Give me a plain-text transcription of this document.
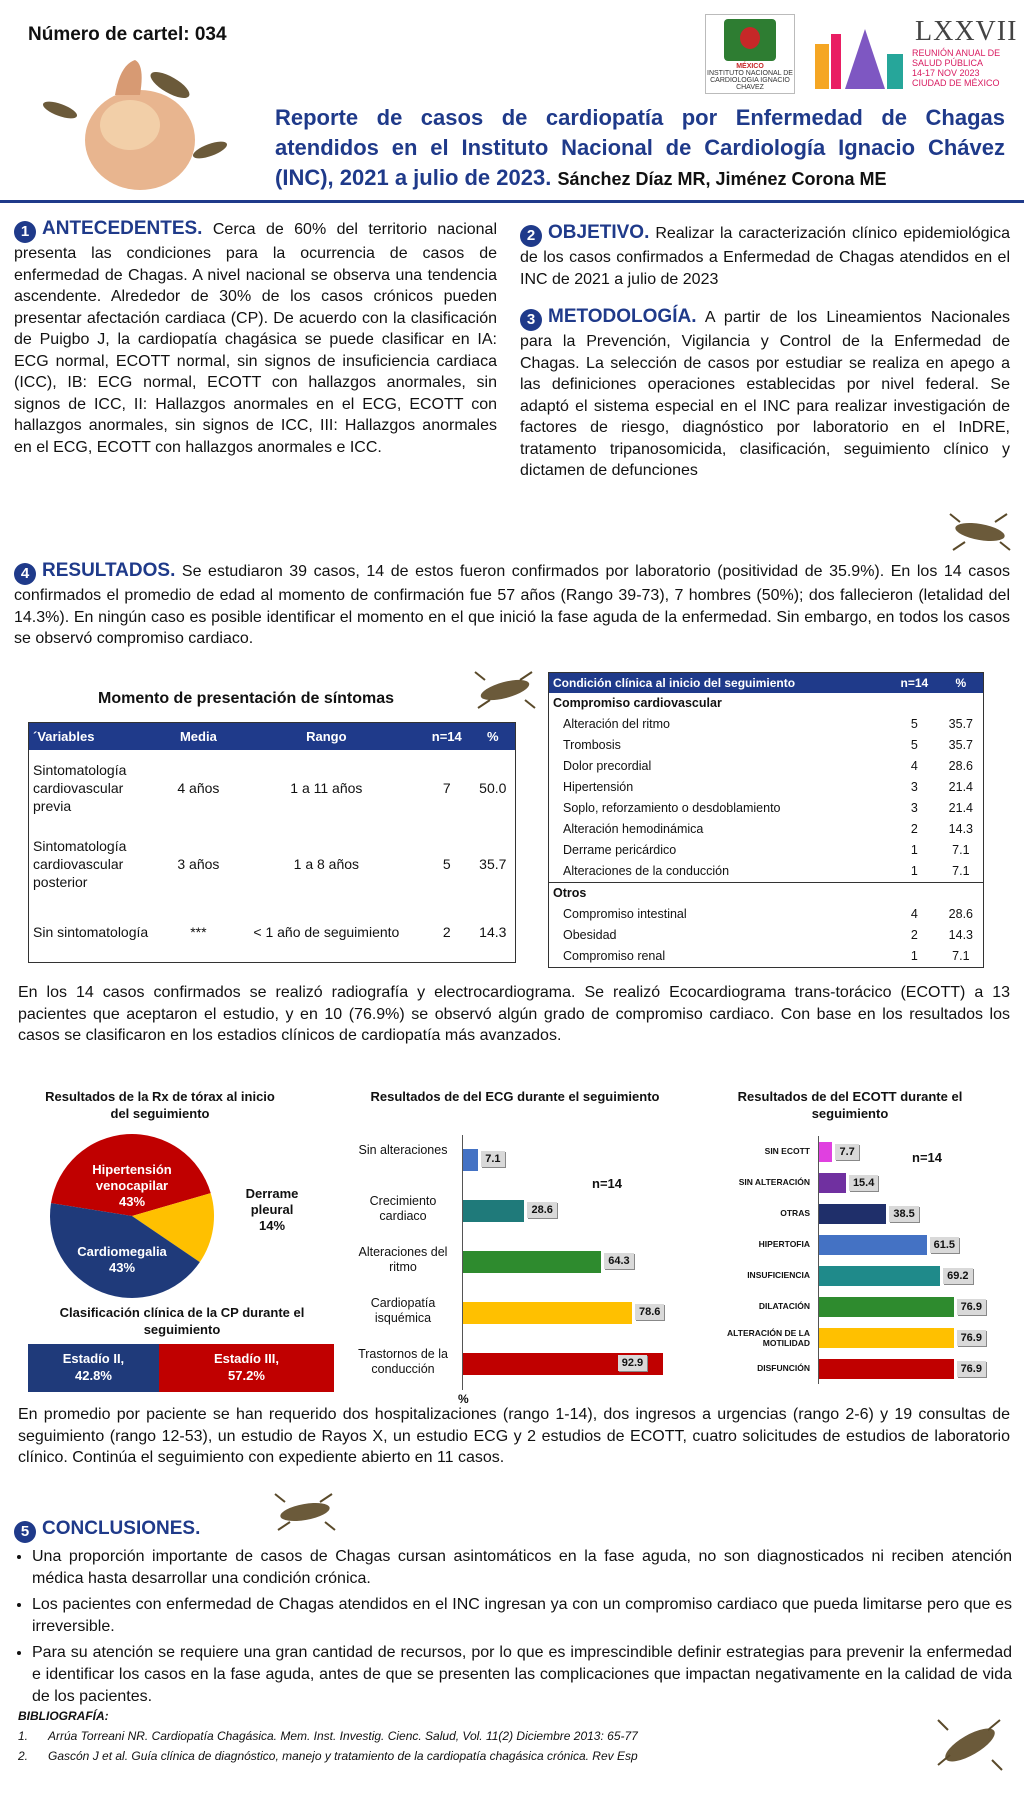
Número de cartel: 034
MÉXICO
INSTITUTO NACIONAL DE CARDIOLOGIA IGNACIO CHAVEZ
LXXVII
REUNIÓN ANUAL DE
SALUD PÚBLICA
14-17 NOV 2023
CIUDAD DE MÉXICO
Reporte de casos de cardiopatía por Enfermedad de Chagas atendidos en el Instituto Nacional de Cardiología Ignacio Chávez (INC), 2021 a julio de 2023. Sánchez Díaz MR, Jiménez Corona ME
1 ANTECEDENTES. Cerca de 60% del territorio nacional presenta las condiciones para la ocurrencia de casos de enfermedad de Chagas. A nivel nacional se observa una tendencia ascendente. Alrededor de 30% de los casos crónicos pueden presentar afectación cardiaca (CP). De acuerdo con la clasificación de Puigbo J, la cardiopatía chagásica se puede clasificar en IA: ECG normal, ECOTT normal, sin signos de insuficiencia cardiaca (ICC), IB: ECG normal, ECOTT con hallazgos anormales, sin signos de ICC, II: Hallazgos anormales en el ECG, ECOTT con hallazgos anormales, sin signos de ICC, III: Hallazgos anormales en el ECG, ECOTT con hallazgos anormales e ICC.
2 OBJETIVO. Realizar la caracterización clínico epidemiológica de los casos confirmados a Enfermedad de Chagas atendidos en el INC de 2021 a julio de 2023
3 METODOLOGÍA. A partir de los Lineamientos Nacionales para la Prevención, Vigilancia y Control de la Enfermedad de Chagas. La selección de casos por estudiar se realiza en apego a las definiciones operaciones establecidas por nivel federal. Se adaptó el sistema especial en el INC para realizar investigación de factores de riesgo, diagnóstico por laboratorio en el InDRE, tratamento tripanosomicida, clasificación, seguimiento clínico y dictamen de defunciones
4 RESULTADOS. Se estudiaron 39 casos, 14 de estos fueron confirmados por laboratorio (positividad de 35.9%). En los 14 casos confirmados el promedio de edad al momento de confirmación fue 57 años (Rango 39-73), 7 hombres (50%); dos fallecieron (letalidad del 14.3%). En ningún caso es posible identificar el momento en el que inició la fase aguda de la enfermedad. Sin embargo, en todos los casos se observó compromiso cardiaco.
Momento de presentación de síntomas
´Variables	Media	Rango	n=14	%
Sintomatología cardiovascular previa	4 años	1 a 11 años	7	50.0
Sintomatología cardiovascular posterior	3 años	1 a 8 años	5	35.7
Sin sintomatología	***	< 1 año de seguimiento	2	14.3
Condición clínica al inicio del seguimiento	n=14	%
Compromiso cardiovascular		
Alteración del ritmo	5	35.7
Trombosis	5	35.7
Dolor precordial	4	28.6
Hipertensión	3	21.4
Soplo, reforzamiento o desdoblamiento	3	21.4
Alteración hemodinámica	2	14.3
Derrame pericárdico	1	7.1
Alteraciones de la conducción	1	7.1
Otros		
Compromiso intestinal	4	28.6
Obesidad	2	14.3
Compromiso renal	1	7.1
En los 14 casos confirmados se realizó radiografía y electrocardiograma. Se realizó Ecocardiograma trans-torácico (ECOTT) a 13 pacientes que aceptaron el estudio, y en 10 (76.9%) se observó algún grado de compromiso cardiaco. Con base en los resultados los casos se clasificaron en los estadios clínicos de cardiopatía más avanzados.
Resultados de la Rx de tórax al inicio del seguimiento
Hipertensión
venocapilar
43%
Derrame
pleural
14%
Cardiomegalia
43%
Clasificación clínica de la CP durante el seguimiento
Estadío II,
42.8%
Estadío III,
57.2%
Resultados de del ECG durante el seguimiento
n=14
Sin alteraciones
7.1
Crecimiento cardiaco	28.6
Alteraciones del ritmo	64.3
Cardiopatía isquémica	78.6
Trastornos de la conducción	92.9
%
Resultados de del ECOTT durante el seguimiento
n=14
SIN ECOTT	7.7
SIN ALTERACIÓN	15.4
OTRAS	38.5
HIPERTOFIA	61.5
INSUFICIENCIA	69.2
DILATACIÓN	76.9
ALTERACIÓN DE LA MOTILIDAD	76.9
DISFUNCIÓN	76.9
En promedio por paciente se han requerido dos hospitalizaciones (rango 1-14), dos ingresos a urgencias (rango 2-6) y 19 consultas de seguimiento (rango 12-53), un estudio de Rayos X, un estudio ECG y 2 estudios de ECOTT, cuatro solicitudes de estudios de laboratorio clínico. Continúa el seguimiento con expediente abierto en 11 casos.
5 CONCLUSIONES.
• Una proporción importante de casos de Chagas cursan asintomáticos en la fase aguda, no son diagnosticados ni reciben atención médica hasta desarrollar una condición crónica.
• Los pacientes con enfermedad de Chagas atendidos en el INC ingresan ya con un compromiso cardiaco que pueda limitarse pero que es irreversible.
• Para su atención se requiere una gran cantidad de recursos, por lo que es imprescindible definir estrategias para prevenir la enfermedad e identificar los casos en la fase aguda, antes de que se presenten las complicaciones que impactan negativamente en la calidad de vida de los pacientes.
BIBLIOGRAFÍA:
1. Arrúa Torreani NR. Cardiopatía Chagásica. Mem. Inst. Investig. Cienc. Salud, Vol. 11(2) Diciembre 2013: 65-77
2. Gascón J et al. Guía clínica de diagnóstico, manejo y tratamiento de la cardiopatía chagásica crónica. Rev Esp
